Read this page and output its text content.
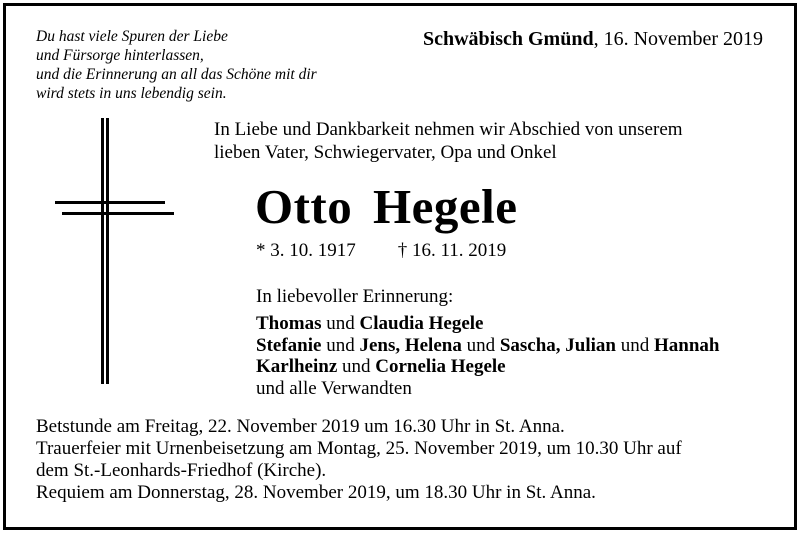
Du hast viele Spuren der Liebe
und Fürsorge hinterlassen,
und die Erinnerung an all das Schöne mit dir
wird stets in uns lebendig sein.
Schwäbisch Gmünd, 16. November 2019
In Liebe und Dankbarkeit nehmen wir Abschied von unserem
lieben Vater, Schwiegervater, Opa und Onkel
Otto Hegele
* 3. 10. 1917 † 16. 11. 2019
In liebevoller Erinnerung:
Thomas und Claudia Hegele
Stefanie und Jens, Helena und Sascha, Julian und Hannah
Karlheinz und Cornelia Hegele
und alle Verwandten
Betstunde am Freitag, 22. November 2019 um 16.30 Uhr in St. Anna.
Trauerfeier mit Urnenbeisetzung am Montag, 25. November 2019, um 10.30 Uhr auf
dem St.-Leonhards-Friedhof (Kirche).
Requiem am Donnerstag, 28. November 2019, um 18.30 Uhr in St. Anna.
